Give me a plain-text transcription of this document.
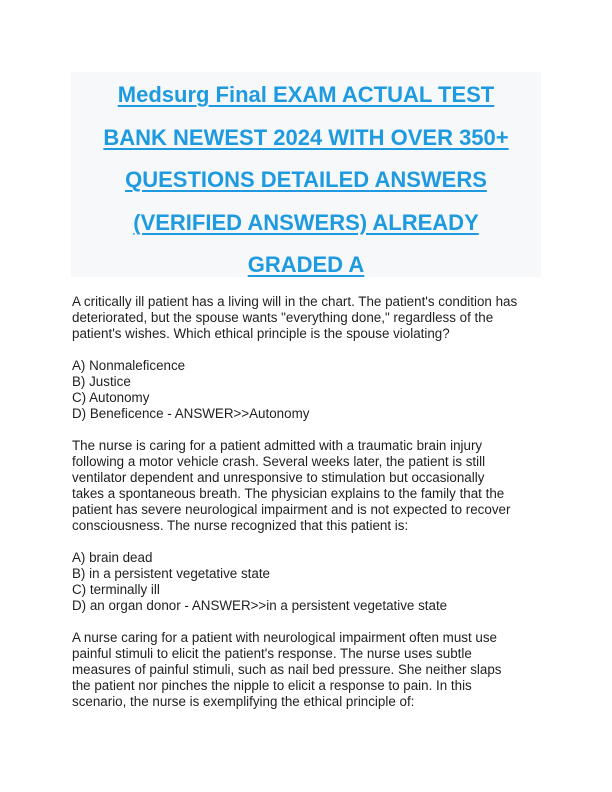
Medsurg Final EXAM ACTUAL TEST
BANK NEWEST 2024 WITH OVER 350+
QUESTIONS DETAILED ANSWERS
(VERIFIED ANSWERS) ALREADY
GRADED A
A critically ill patient has a living will in the chart. The patient's condition has
deteriorated, but the spouse wants "everything done," regardless of the
patient's wishes. Which ethical principle is the spouse violating?
A) Nonmaleficence
B) Justice
C) Autonomy
D) Beneficence - ANSWER>>Autonomy
The nurse is caring for a patient admitted with a traumatic brain injury
following a motor vehicle crash. Several weeks later, the patient is still
ventilator dependent and unresponsive to stimulation but occasionally
takes a spontaneous breath. The physician explains to the family that the
patient has severe neurological impairment and is not expected to recover
consciousness. The nurse recognized that this patient is:
A) brain dead
B) in a persistent vegetative state
C) terminally ill
D) an organ donor - ANSWER>>in a persistent vegetative state
A nurse caring for a patient with neurological impairment often must use
painful stimuli to elicit the patient's response. The nurse uses subtle
measures of painful stimuli, such as nail bed pressure. She neither slaps
the patient nor pinches the nipple to elicit a response to pain. In this
scenario, the nurse is exemplifying the ethical principle of:
